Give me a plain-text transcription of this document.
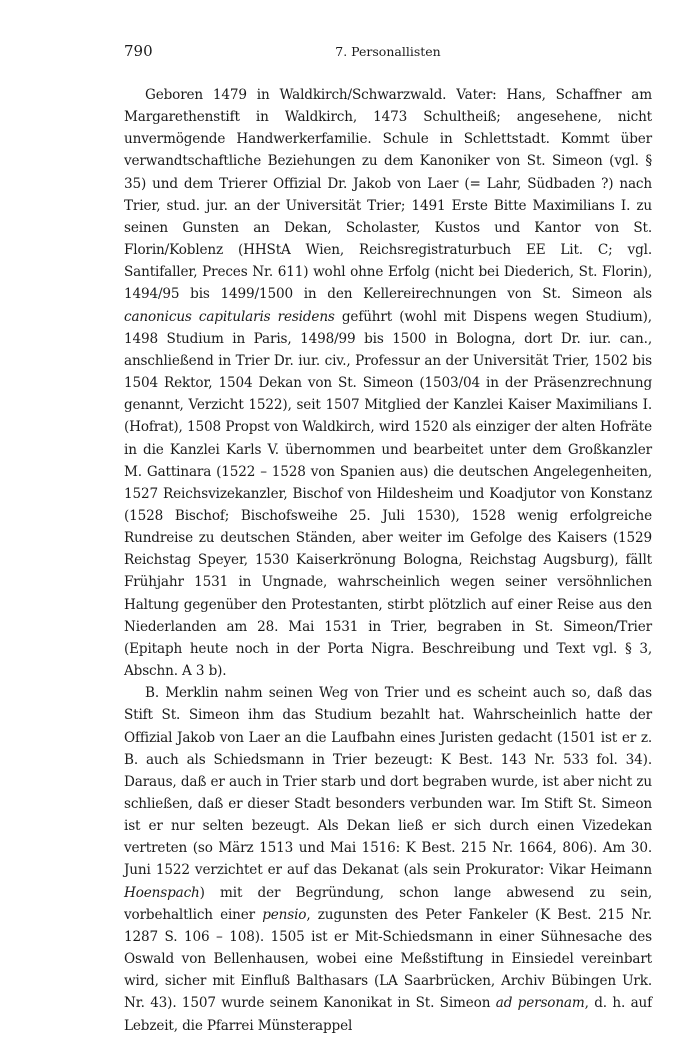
790	7. Personallisten

Geboren 1479 in Waldkirch/Schwarzwald. Vater: Hans, Schaffner am Margarethenstift in Waldkirch, 1473 Schultheiß; angesehene, nicht unvermögende Handwerkerfamilie. Schule in Schlettstadt. Kommt über verwandtschaftliche Beziehungen zu dem Kanoniker von St. Simeon (vgl. § 35) und dem Trierer Offizial Dr. Jakob von Laer (= Lahr, Südbaden ?) nach Trier, stud. jur. an der Universität Trier; 1491 Erste Bitte Maximilians I. zu seinen Gunsten an Dekan, Scholaster, Kustos und Kantor von St. Florin/Koblenz (HHStA Wien, Reichsregistraturbuch EE Lit. C; vgl. Santifaller, Preces Nr. 611) wohl ohne Erfolg (nicht bei Diederich, St. Florin), 1494/95 bis 1499/1500 in den Kellereirechnungen von St. Simeon als canonicus capitularis residens geführt (wohl mit Dispens wegen Studium), 1498 Studium in Paris, 1498/99 bis 1500 in Bologna, dort Dr. iur. can., anschließend in Trier Dr. iur. civ., Professur an der Universität Trier, 1502 bis 1504 Rektor, 1504 Dekan von St. Simeon (1503/04 in der Präsenzrechnung genannt, Verzicht 1522), seit 1507 Mitglied der Kanzlei Kaiser Maximilians I. (Hofrat), 1508 Propst von Waldkirch, wird 1520 als einziger der alten Hofräte in die Kanzlei Karls V. übernommen und bearbeitet unter dem Großkanzler M. Gattinara (1522 – 1528 von Spanien aus) die deutschen Angelegenheiten, 1527 Reichsvizekanzler, Bischof von Hildesheim und Koadjutor von Konstanz (1528 Bischof; Bischofsweihe 25. Juli 1530), 1528 wenig erfolgreiche Rundreise zu deutschen Ständen, aber weiter im Gefolge des Kaisers (1529 Reichstag Speyer, 1530 Kaiserkrönung Bologna, Reichstag Augsburg), fällt Frühjahr 1531 in Ungnade, wahrscheinlich wegen seiner versöhnlichen Haltung gegenüber den Protestanten, stirbt plötzlich auf einer Reise aus den Niederlanden am 28. Mai 1531 in Trier, begraben in St. Simeon/Trier (Epitaph heute noch in der Porta Nigra. Beschreibung und Text vgl. § 3, Abschn. A 3 b).

B. Merklin nahm seinen Weg von Trier und es scheint auch so, daß das Stift St. Simeon ihm das Studium bezahlt hat. Wahrscheinlich hatte der Offizial Jakob von Laer an die Laufbahn eines Juristen gedacht (1501 ist er z. B. auch als Schiedsmann in Trier bezeugt: K Best. 143 Nr. 533 fol. 34). Daraus, daß er auch in Trier starb und dort begraben wurde, ist aber nicht zu schließen, daß er dieser Stadt besonders verbunden war. Im Stift St. Simeon ist er nur selten bezeugt. Als Dekan ließ er sich durch einen Vizedekan vertreten (so März 1513 und Mai 1516: K Best. 215 Nr. 1664, 806). Am 30. Juni 1522 verzichtet er auf das Dekanat (als sein Prokurator: Vikar Heimann Hoenspach) mit der Begründung, schon lange abwesend zu sein, vorbehaltlich einer pensio, zugunsten des Peter Fankeler (K Best. 215 Nr. 1287 S. 106 – 108). 1505 ist er Mit-Schiedsmann in einer Sühnesache des Oswald von Bellenhausen, wobei eine Meßstiftung in Einsiedel vereinbart wird, sicher mit Einfluß Balthasars (LA Saarbrücken, Archiv Bübingen Urk. Nr. 43). 1507 wurde seinem Kanonikat in St. Simeon ad personam, d. h. auf Lebzeit, die Pfarrei Münsterappel
